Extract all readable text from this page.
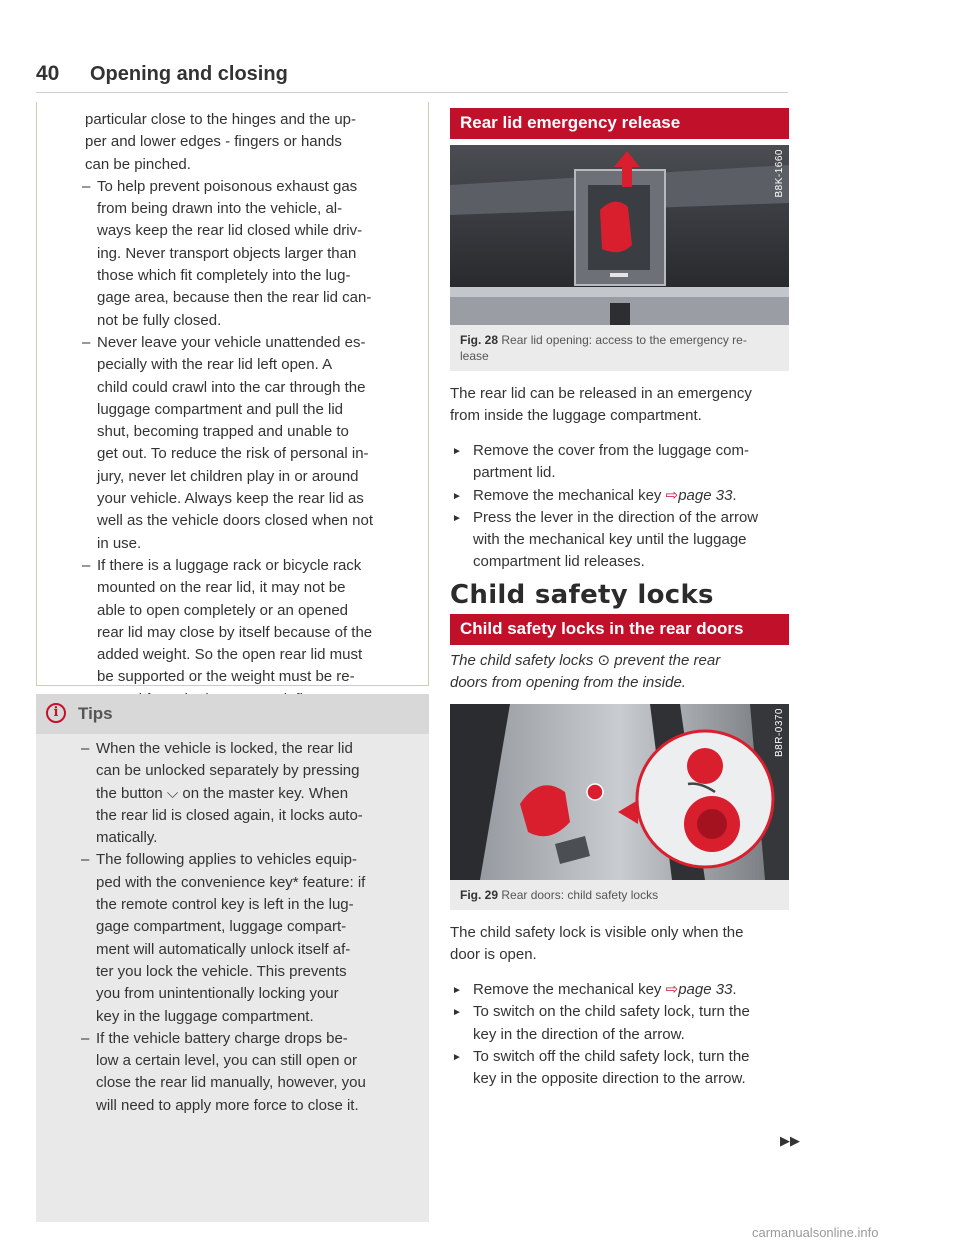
40 Opening and closing
particular close to the hinges and the up-
per and lower edges - fingers or hands
can be pinched.
– To help prevent poisonous exhaust gas
from being drawn into the vehicle, al-
ways keep the rear lid closed while driv-
ing. Never transport objects larger than
those which fit completely into the lug-
gage area, because then the rear lid can-
not be fully closed.
– Never leave your vehicle unattended es-
pecially with the rear lid left open. A
child could crawl into the car through the
luggage compartment and pull the lid
shut, becoming trapped and unable to
get out. To reduce the risk of personal in-
jury, never let children play in or around
your vehicle. Always keep the rear lid as
well as the vehicle doors closed when not
in use.
– If there is a luggage rack or bicycle rack
mounted on the rear lid, it may not be
able to open completely or an opened
rear lid may close by itself because of the
added weight. So the open rear lid must
be supported or the weight must be re-
i	Tips
– When the vehicle is locked, the rear lid
can be unlocked separately by pressing
the button ⌵ on the master key. When
the rear lid is closed again, it locks auto-
matically.
– The following applies to vehicles equip-
ped with the convenience key* feature: if
the remote control key is left in the lug-
gage compartment, luggage compart-
ment will automatically unlock itself af-
ter you lock the vehicle. This prevents
you from unintentionally locking your
key in the luggage compartment.
– If the vehicle battery charge drops be-
low a certain level, you can still open or
close the rear lid manually, however, you
will need to apply more force to close it.
Rear lid emergency release
B8K-1660
Fig. 28 Rear lid opening: access to the emergency re-
lease
The rear lid can be released in an emergency
from inside the luggage compartment.
► Remove the cover from the luggage com-
partment lid.
► Remove the mechanical key ⇨page 33.
► Press the lever in the direction of the arrow
with the mechanical key until the luggage
compartment lid releases.
Child safety locks
Child safety locks in the rear doors
The child safety locks ⊙ prevent the rear
doors from opening from the inside.
B8R-0370
Fig. 29 Rear doors: child safety locks
The child safety lock is visible only when the
door is open.
► Remove the mechanical key ⇨page 33.
► To switch on the child safety lock, turn the
key in the direction of the arrow.
► To switch off the child safety lock, turn the
key in the opposite direction to the arrow.
▶▶
carmanualsonline.info
